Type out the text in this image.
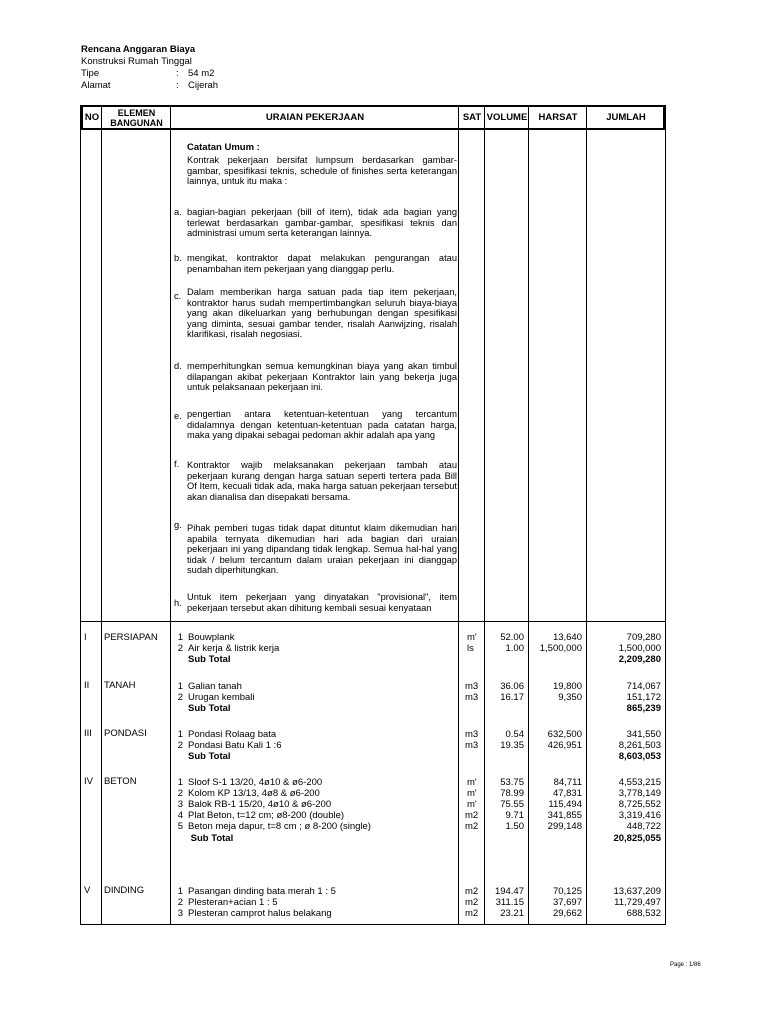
Rencana Anggaran Biaya
Konstruksi Rumah Tinggal
Tipe	: 54 m2
Alamat	: Cijerah
NO ELEMEN
BANGUNAN	URAIAN PEKERJAAN	SAT VOLUME	HARSAT	JUMLAH
Catatan Umum :
Kontrak pekerjaan bersifat lumpsum berdasarkan gambar-gambar, spesifikasi teknis, schedule of finishes serta keterangan lainnya, untuk itu maka :
a. bagian-bagian pekerjaan (bill of item), tidak ada bagian yang terlewat berdasarkan gambar-gambar, spesifikasi teknis dan administrasi umum serta keterangan lainnya.
b. mengikat, kontraktor dapat melakukan pengurangan atau penambahan item pekerjaan yang dianggap perlu.
c. Dalam memberikan harga satuan pada tiap item pekerjaan, kontraktor harus sudah mempertimbangkan seluruh biaya-biaya yang akan dikeluarkan yang berhubungan dengan spesifikasi yang diminta, sesuai gambar tender, risalah Aanwijzing, risalah klarifikasi, risalah negosiasi.
d. memperhitungkan semua kemungkinan biaya yang akan timbul dilapangan akibat pekerjaan Kontraktor lain yang bekerja juga untuk pelaksanaan pekerjaan ini.
e. pengertian antara ketentuan-ketentuan yang tercantum didalamnya dengan ketentuan-ketentuan pada catatan harga, maka yang dipakai sebagai pedoman akhir adalah apa yang
f. Kontraktor wajib melaksanakan pekerjaan tambah atau pekerjaan kurang dengan harga satuan seperti tertera pada Bill Of Item, kecuali tidak ada, maka harga satuan pekerjaan tersebut akan dianalisa dan disepakati bersama.
g. Pihak pemberi tugas tidak dapat dituntut klaim dikemudian hari apabila ternyata dikemudian hari ada bagian dari uraian pekerjaan ini yang dipandang tidak lengkap. Semua hal-hal yang tidak / belum tercantum dalam uraian pekerjaan ini dianggap sudah diperhitungkan.
h.
Untuk item pekerjaan yang dinyatakan "provisional", item pekerjaan tersebut akan dihitung kembali sesuai kenyataan
I PERSIAPAN	1 Bouwplank	m'	52.00	13,640	709,280
2 Air kerja & listrik kerja	ls	1.00	1,500,000	1,500,000
Sub Total	2,209,280
II TANAH	1 Galian tanah	m3	36.06	19,800	714,067
2 Urugan kembali	m3	16.17	9,350	151,172
Sub Total	865,239
III PONDASI	1 Pondasi Rolaag bata	m3	0.54	632,500	341,550
2 Pondasi Batu Kali 1 :6	m3	19.35	426,951	8,261,503
Sub Total	8,603,053
IV BETON	1 Sloof S-1 13/20, 4ø10 & ø6-200	m'	53.75	84,711	4,553,215
2 Kolom KP 13/13, 4ø8 & ø6-200	m'	78.99	47,831	3,778,149
3 Balok RB-1 15/20, 4ø10 & ø6-200	m'	75.55	115,494	8,725,552
4 Plat Beton, t=12 cm; ø8-200 (double)	m2	9.71	341,855	3,319,416
5 Beton meja dapur, t=8 cm ; ø 8-200 (single)	m2	1.50	299,148	448,722
Sub Total	20,825,055
V DINDING	1 Pasangan dinding bata merah 1 : 5	m2	194.47	70,125	13,637,209
2 Plesteran+acian 1 : 5	m2	311.15	37,697	11,729,497
3 Plesteran camprot halus belakang	m2	23.21	29,662	688,532
Page : 1/86
